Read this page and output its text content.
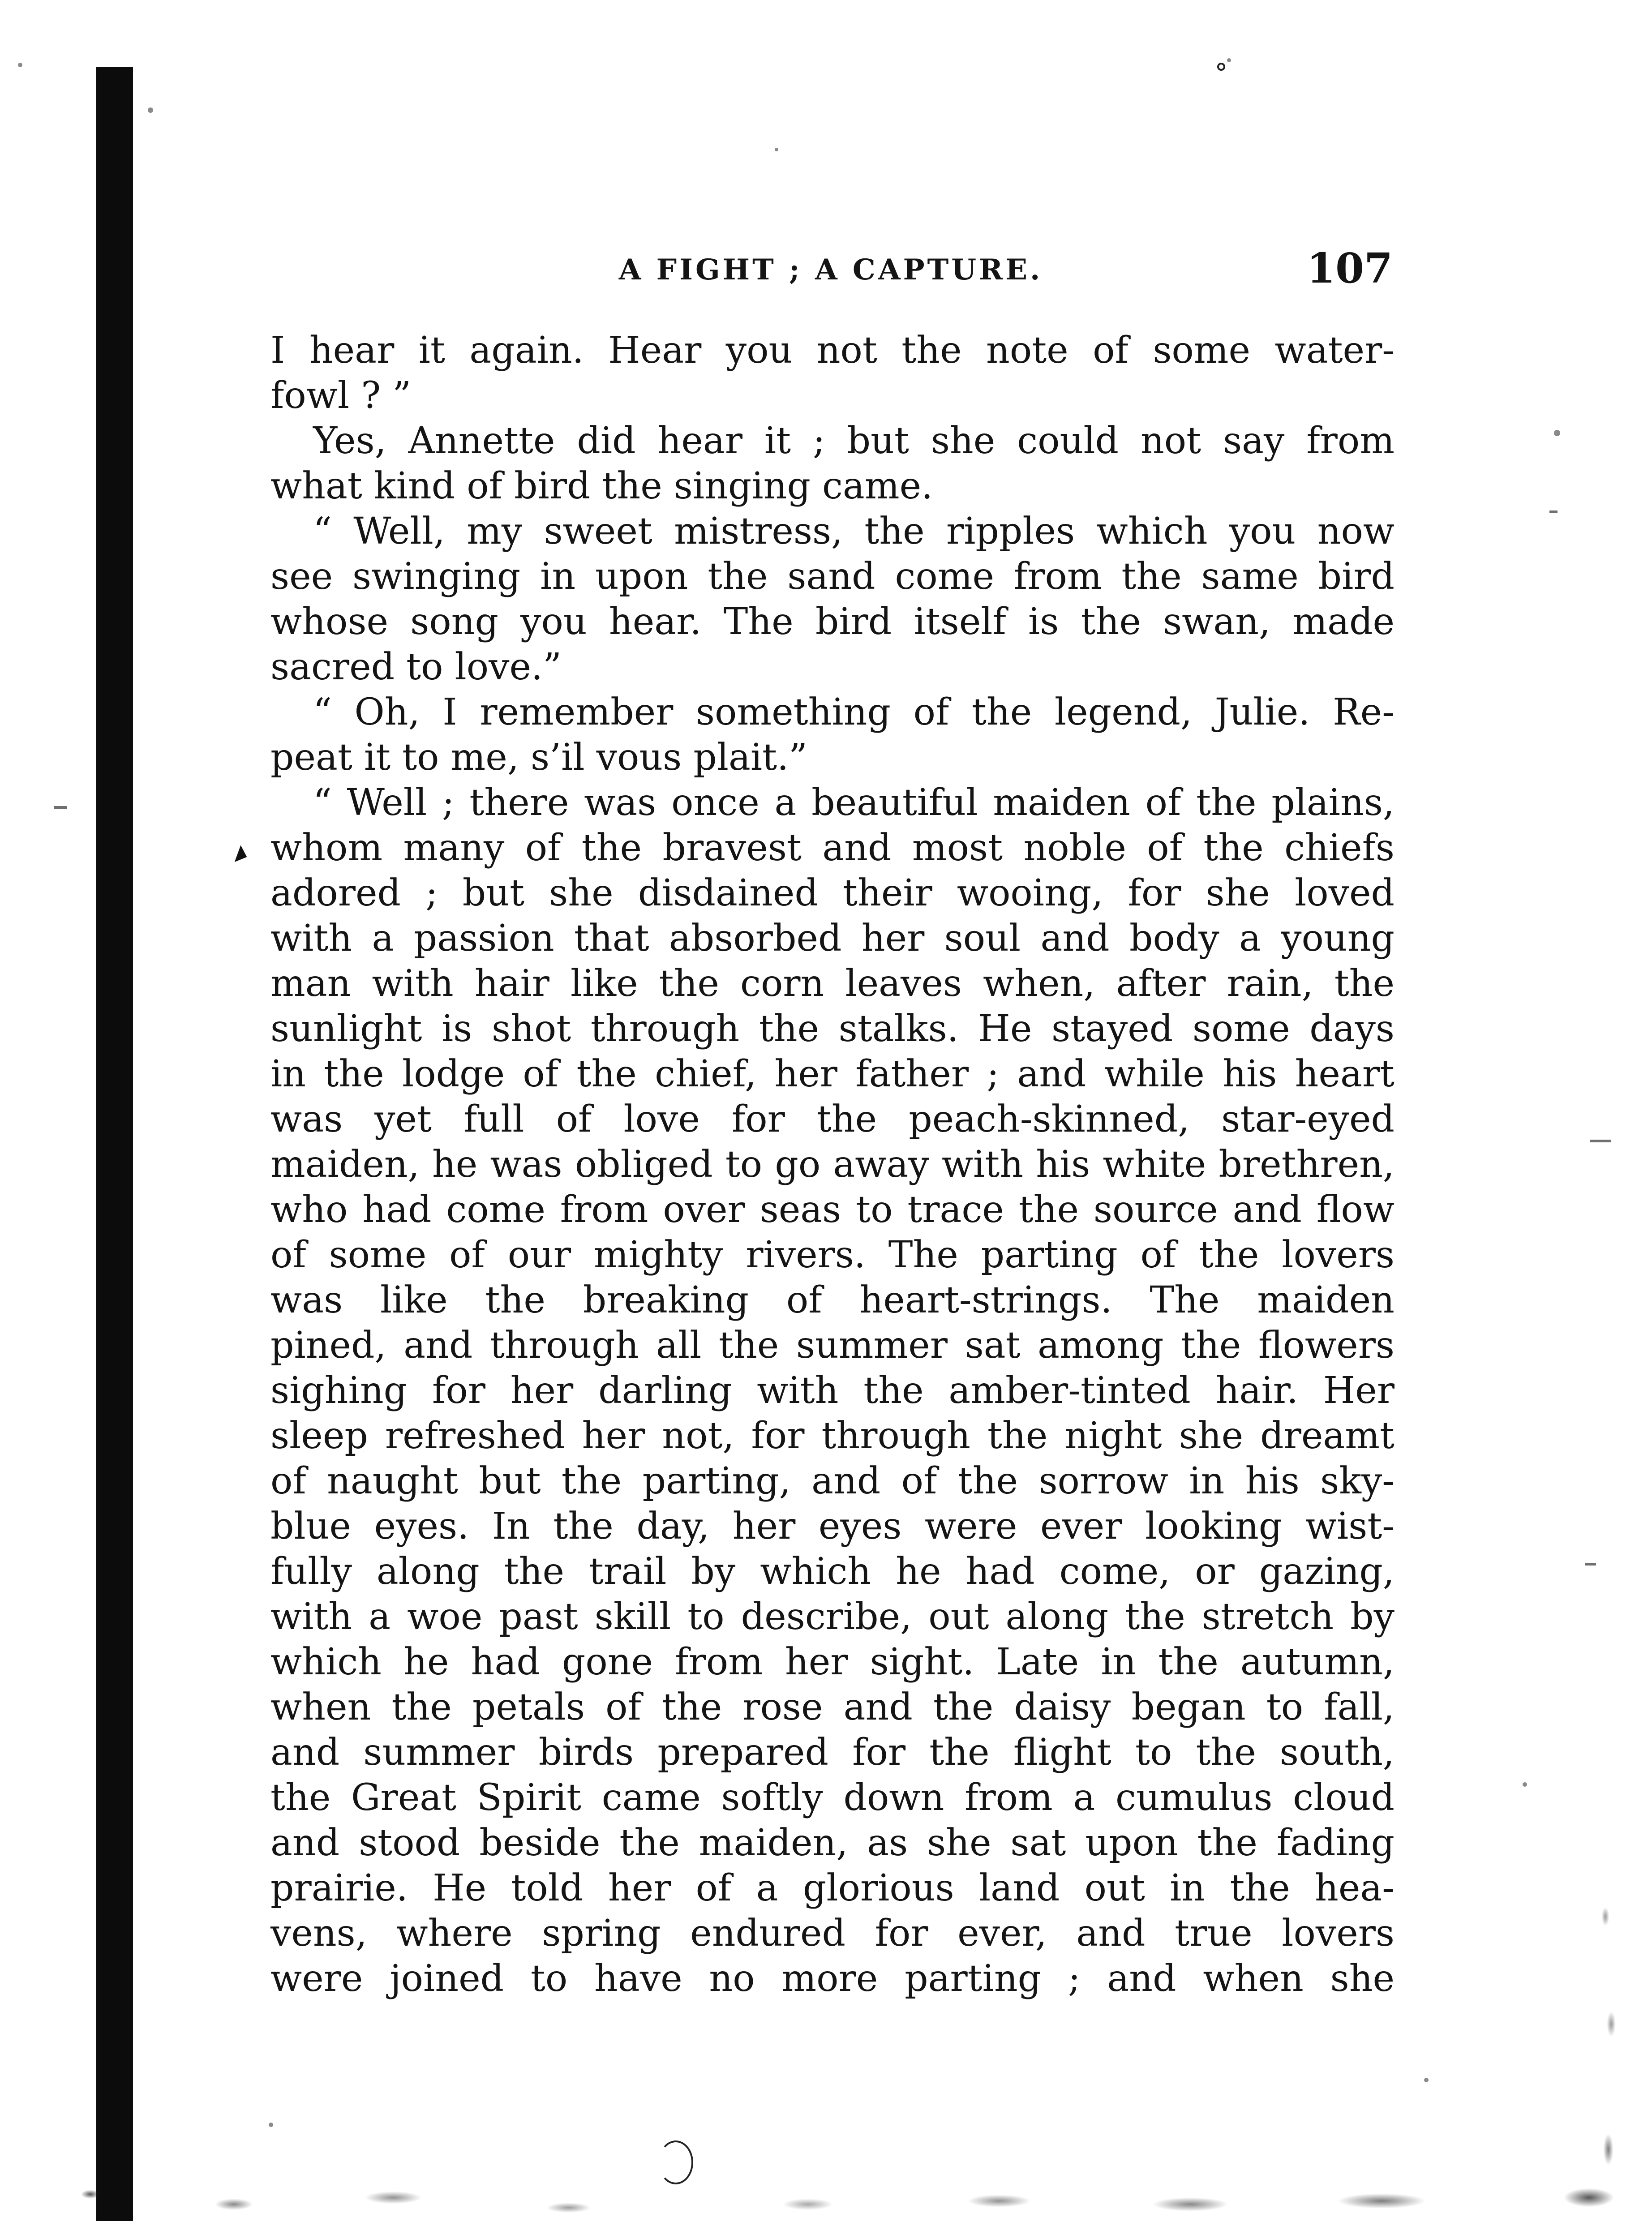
A FIGHT ; A CAPTURE.	107
I hear it again. Hear you not the note of some water-
fowl ? ”
Yes, Annette did hear it ; but she could not say from
what kind of bird the singing came.
“ Well, my sweet mistress, the ripples which you now
see swinging in upon the sand come from the same bird
whose song you hear. The bird itself is the swan, made
sacred to love.”
“ Oh, I remember something of the legend, Julie. Re-
peat it to me, s’il vous plait.”
“ Well ; there was once a beautiful maiden of the plains,
whom many of the bravest and most noble of the chiefs
adored ; but she disdained their wooing, for she loved
with a passion that absorbed her soul and body a young
man with hair like the corn leaves when, after rain, the
sunlight is shot through the stalks. He stayed some days
in the lodge of the chief, her father ; and while his heart
was yet full of love for the peach-skinned, star-eyed
maiden, he was obliged to go away with his white brethren,
who had come from over seas to trace the source and flow
of some of our mighty rivers. The parting of the lovers
was like the breaking of heart-strings. The maiden
pined, and through all the summer sat among the flowers
sighing for her darling with the amber-tinted hair. Her
sleep refreshed her not, for through the night she dreamt
of naught but the parting, and of the sorrow in his sky-
blue eyes. In the day, her eyes were ever looking wist-
fully along the trail by which he had come, or gazing,
with a woe past skill to describe, out along the stretch by
which he had gone from her sight. Late in the autumn,
when the petals of the rose and the daisy began to fall,
and summer birds prepared for the flight to the south,
the Great Spirit came softly down from a cumulus cloud
and stood beside the maiden, as she sat upon the fading
prairie. He told her of a glorious land out in the hea-
vens, where spring endured for ever, and true lovers
were joined to have no more parting ; and when she
